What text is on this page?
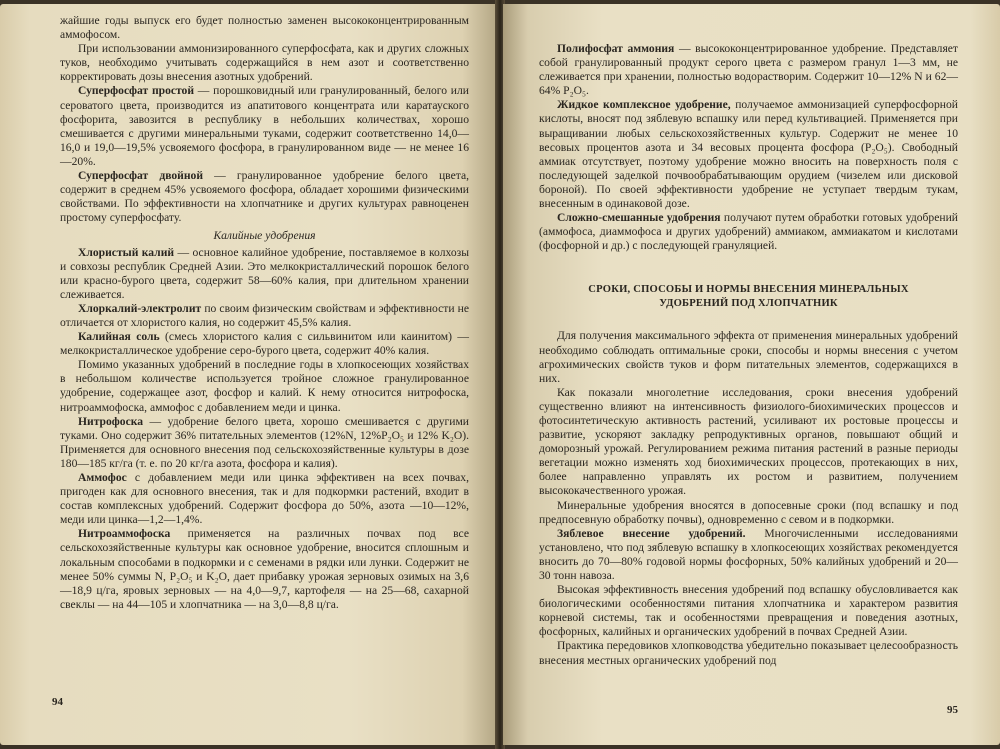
жайшие годы выпуск его будет полностью заменен высококонцентрированным аммофосом.

При использовании аммонизированного суперфосфата, как и других сложных туков, необходимо учитывать содержащийся в нем азот и соответственно корректировать дозы внесения азотных удобрений.

Суперфосфат простой — порошковидный или гранулированный, белого или сероватого цвета, производится из апатитового концентрата или каратауского фосфорита, завозится в республику в небольших количествах, хорошо смешивается с другими минеральными туками, содержит соответственно 14,0—16,0 и 19,0—19,5% усвояемого фосфора, в гранулированном виде — не менее 16—20%.

Суперфосфат двойной — гранулированное удобрение белого цвета, содержит в среднем 45% усвояемого фосфора, обладает хорошими физическими свойствами. По эффективности на хлопчатнике и других культурах равноценен простому суперфосфату.

Калийные удобрения

Хлористый калий — основное калийное удобрение, поставляемое в колхозы и совхозы республик Средней Азии. Это мелкокристаллический порошок белого или красно-бурого цвета, содержит 58—60% калия, при длительном хранении слеживается.

Хлоркалий-электролит по своим физическим свойствам и эффективности не отличается от хлористого калия, но содержит 45,5% калия.

Калийная соль (смесь хлористого калия с сильвинитом или каинитом) — мелкокристаллическое удобрение серо-бурого цвета, содержит 40% калия.

Помимо указанных удобрений в последние годы в хлопкосеющих хозяйствах в небольшом количестве используется тройное сложное гранулированное удобрение, содержащее азот, фосфор и калий. К нему относится нитрофоска, нитроаммофоска, аммофос с добавлением меди и цинка.

Нитрофоска — удобрение белого цвета, хорошо смешивается с другими туками. Оно содержит 36% питательных элементов (12%N, 12%P₂O₅ и 12% K₂O). Применяется для основного внесения под сельскохозяйственные культуры в дозе 180—185 кг/га (т. е. по 20 кг/га азота, фосфора и калия).

Аммофос с добавлением меди или цинка эффективен на всех почвах, пригоден как для основного внесения, так и для подкормки растений, входит в состав комплексных удобрений. Содержит фосфора до 50%, азота —10—12%, меди или цинка—1,2—1,4%.

Нитроаммофоска применяется на различных почвах под все сельскохозяйственные культуры как основное удобрение, вносится сплошным и локальным способами в подкормки и с семенами в рядки или лунки. Содержит не менее 50% суммы N, P₂O₅ и K₂O, дает прибавку урожая зерновых озимых на 3,6—18,9 ц/га, яровых зерновых — на 4,0—9,7, картофеля — на 25—68, сахарной свеклы — на 44—105 и хлопчатника — на 3,0—8,8 ц/га.

94

Полифосфат аммония — высококонцентрированное удобрение. Представляет собой гранулированный продукт серого цвета с размером гранул 1—3 мм, не слеживается при хранении, полностью водорастворим. Содержит 10—12% N и 62—64% P₂O₅.

Жидкое комплексное удобрение, получаемое аммонизацией суперфосфорной кислоты, вносят под зяблевую вспашку или перед культивацией. Применяется при выращивании любых сельскохозяйственных культур. Содержит не менее 10 весовых процентов азота и 34 весовых процента фосфора (P₂O₅). Свободный аммиак отсутствует, поэтому удобрение можно вносить на поверхность поля с последующей заделкой почвообрабатывающим орудием (чизелем или дисковой бороной). По своей эффективности удобрение не уступает твердым тукам, внесенным в одинаковой дозе.

Сложно-смешанные удобрения получают путем обработки готовых удобрений (аммофоса, диаммофоса и других удобрений) аммиаком, аммиакатом и кислотами (фосфорной и др.) с последующей грануляцией.

СРОКИ, СПОСОБЫ И НОРМЫ ВНЕСЕНИЯ МИНЕРАЛЬНЫХ
УДОБРЕНИЙ ПОД ХЛОПЧАТНИК

Для получения максимального эффекта от применения минеральных удобрений необходимо соблюдать оптимальные сроки, способы и нормы внесения с учетом агрохимических свойств туков и форм питательных элементов, содержащихся в них.

Как показали многолетние исследования, сроки внесения удобрений существенно влияют на интенсивность физиолого-биохимических процессов и фотосинтетическую активность растений, усиливают их ростовые процессы и развитие, ускоряют закладку репродуктивных органов, повышают общий и доморозный урожай. Регулированием режима питания растений в разные периоды вегетации можно изменять ход биохимических процессов, протекающих в них, более направленно управлять их ростом и развитием, получением высококачественного урожая.

Минеральные удобрения вносятся в допосевные сроки (под вспашку и под предпосевную обработку почвы), одновременно с севом и в подкормки.

Зяблевое внесение удобрений. Многочисленными исследованиями установлено, что под зяблевую вспашку в хлопкосеющих хозяйствах рекомендуется вносить до 70—80% годовой нормы фосфорных, 50% калийных удобрений и 20—30 тонн навоза.

Высокая эффективность внесения удобрений под вспашку обусловливается как биологическими особенностями питания хлопчатника и характером развития корневой системы, так и особенностями превращения и поведения азотных, фосфорных, калийных и органических удобрений в почвах Средней Азии.

Практика передовиков хлопководства убедительно показывает целесообразность внесения местных органических удобрений под

95
